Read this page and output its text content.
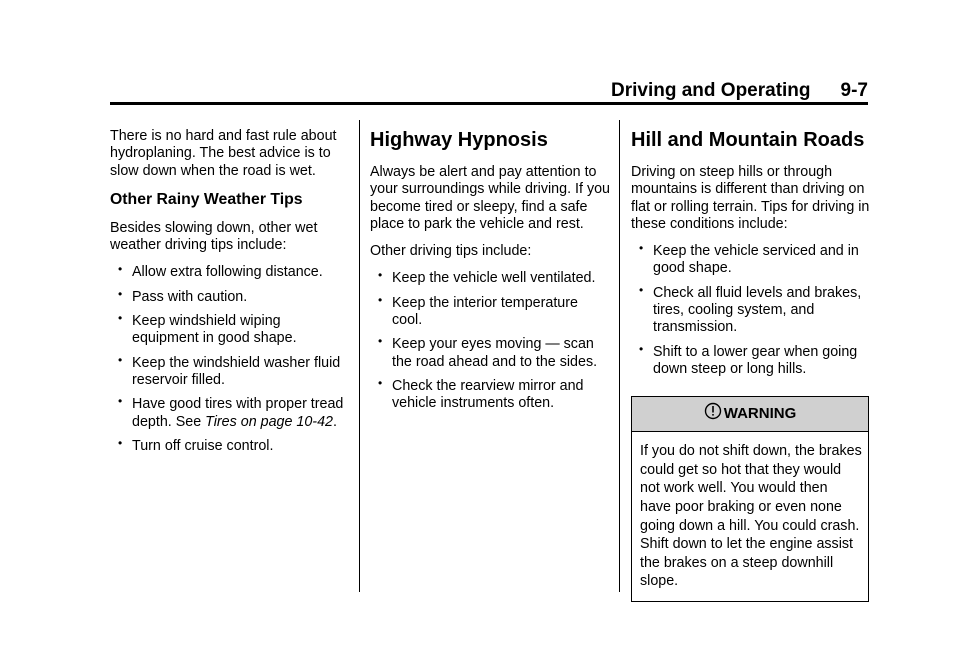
Driving and Operating 9-7

There is no hard and fast rule about hydroplaning. The best advice is to slow down when the road is wet.

Other Rainy Weather Tips

Besides slowing down, other wet weather driving tips include:

• Allow extra following distance.
• Pass with caution.
• Keep windshield wiping equipment in good shape.
• Keep the windshield washer fluid reservoir filled.
• Have good tires with proper tread depth. See Tires on page 10-42.
• Turn off cruise control.
Highway Hypnosis

Always be alert and pay attention to your surroundings while driving. If you become tired or sleepy, find a safe place to park the vehicle and rest.

Other driving tips include:

• Keep the vehicle well ventilated.
• Keep the interior temperature cool.
• Keep your eyes moving — scan the road ahead and to the sides.
• Check the rearview mirror and vehicle instruments often.
Hill and Mountain Roads

Driving on steep hills or through mountains is different than driving on flat or rolling terrain. Tips for driving in these conditions include:

• Keep the vehicle serviced and in good shape.
• Check all fluid levels and brakes, tires, cooling system, and transmission.
• Shift to a lower gear when going down steep or long hills.
WARNING
If you do not shift down, the brakes could get so hot that they would not work well. You would then have poor braking or even none going down a hill. You could crash. Shift down to let the engine assist the brakes on a steep downhill slope.
